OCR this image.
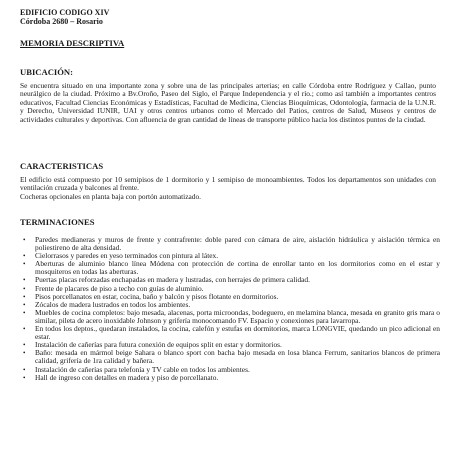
EDIFICIO CODIGO XIV
Córdoba 2680 – Rosario
MEMORIA DESCRIPTIVA
UBICACIÓN:
Se encuentra situado en una importante zona y sobre una de las principales arterias; en calle Córdoba entre Rodríguez y Callao, punto neurálgico de la ciudad. Próximo a Bv.Oroño, Paseo del Siglo, el Parque Independencia y el río.; como así también a importantes centros educativos, Facultad Ciencias Económicas y Estadísticas, Facultad de Medicina, Ciencias Bioquímicas, Odontología, farmacia de la U.N.R. y Derecho, Universidad IUNIR, UAI y otros centros urbanos como el Mercado del Patios, centros de Salud, Museos y centros de actividades culturales y deportivas. Con afluencia de gran cantidad de líneas de transporte público hacia los distintos puntos de la ciudad.
CARACTERISTICAS
El edificio está compuesto por 10 semipisos de 1 dormitorio y 1 semipiso de monoambientes. Todos los departamentos son unidades con ventilación cruzada y balcones al frente.
Cocheras opcionales en planta baja con portón automatizado.
TERMINACIONES
• Paredes medianeras y muros de frente y contrafrente: doble pared con cámara de aire, aislación hidráulica y aislación térmica en poliestireno de alta densidad.
• Cielorrasos y paredes en yeso terminados con pintura al látex.
• Aberturas de aluminio blanco línea Módena con protección de cortina de enrollar tanto en los dormitorios como en el estar y mosquiteros en todas las aberturas.
• Puertas placas reforzadas enchapadas en madera y lustradas, con herrajes de primera calidad.
• Frente de placares de piso a techo con guías de aluminio.
• Pisos porcellanatos en estar, cocina, baño y balcón y pisos flotante en dormitorios.
• Zócalos de madera lustrados en todos los ambientes.
• Muebles de cocina completos: bajo mesada, alacenas, porta microondas, bodeguero, en melamina blanca, mesada en granito gris mara o similar, pileta de acero inoxidable Johnson y grifería monocomando FV. Espacio y conexiones para lavarropa.
• En todos los deptos., quedaran instalados, la cocina, calefón y estufas en dormitorios, marca LONGVIE, quedando un pico adicional en estar.
• Instalación de cañerías para futura conexión de equipos split en estar y dormitorios.
• Baño: mesada en mármol beige Sahara o blanco sport con bacha bajo mesada en losa blanca Ferrum, sanitarios blancos de primera calidad, grifería de 1ra calidad y bañera.
• Instalación de cañerías para telefonía y TV cable en todos los ambientes.
• Hall de ingreso con detalles en madera y piso de porcellanato.
